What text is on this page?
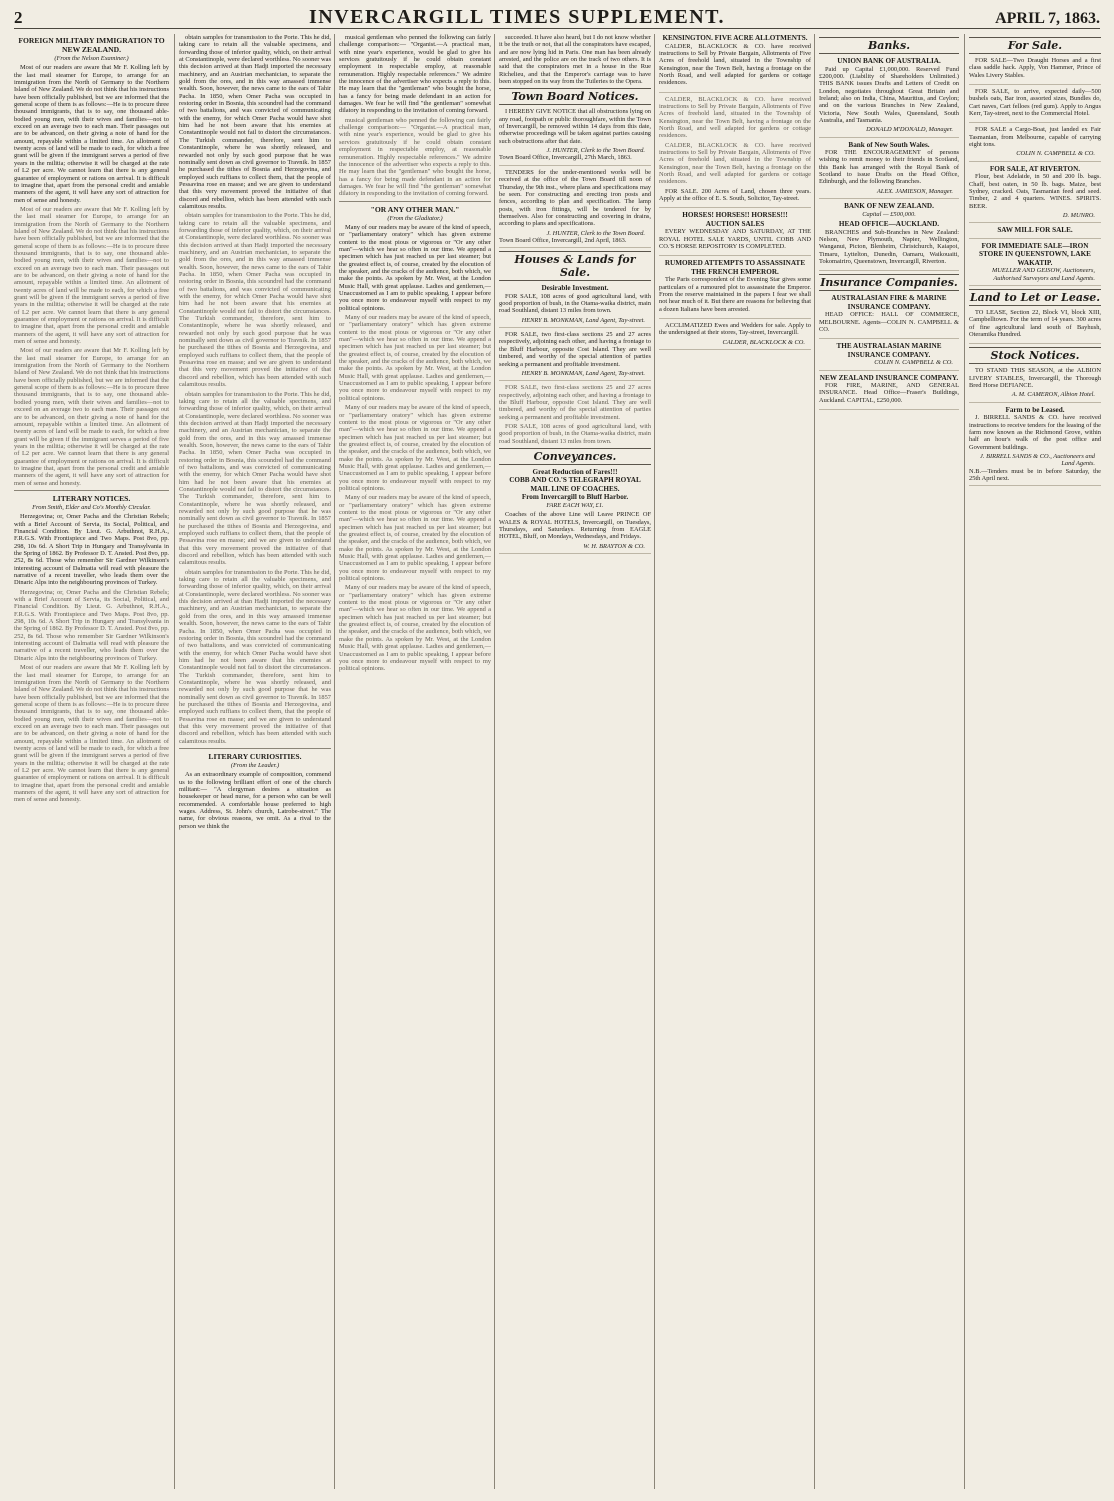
2	INVERCARGILL TIMES SUPPLEMENT.	APRIL 7, 1863.
FOREIGN MILITARY IMMIGRATION TO NEW ZEALAND.
(From the Nelson Examiner.)

Most of our readers are aware that Mr F. Kolling left by the last mail steamer for Europe, to arrange for an immigration from the North of Germany to the Northern Island of New Zealand. We do not think that his instructions have been officially published, but we are informed that the general scope of them is as follows:—He is to procure three thousand immigrants, that is to say, one thousand able-bodied young men, with their wives and families—not to exceed on an average two to each man. Their passages out are to be advanced, on their giving a note of hand for the amount, repayable within a limited time. An allotment of twenty acres of land will be made to each, for which a free grant will be given if the immigrant serves a period of five years in the militia; otherwise it will be charged at the rate of L2 per acre. We cannot learn that there is any general guarantee of employment or rations on arrival. It is difficult to imagine that, apart from the personal credit and amiable manners of the agent, it will have any sort of attraction for men of sense and honesty.

Most of our readers are aware that Mr F. Kolling left by the last mail steamer for Europe, to arrange for an immigration from the North of Germany to the Northern Island of New Zealand. We do not think that his instructions have been officially published, but we are informed that the general scope of them is as follows:—He is to procure three thousand immigrants, that is to say, one thousand able-bodied young men, with their wives and families—not to exceed on an average two to each man. Their passages out are to be advanced, on their giving a note of hand for the amount, repayable within a limited time. An allotment of twenty acres of land will be made to each, for which a free grant will be given if the immigrant serves a period of five years in the militia; otherwise it will be charged at the rate of L2 per acre. We cannot learn that there is any general guarantee of employment or rations on arrival. It is difficult to imagine that, apart from the personal credit and amiable manners of the agent, it will have any sort of attraction for men of sense and honesty.

Most of our readers are aware that Mr F. Kolling left by the last mail steamer for Europe, to arrange for an immigration from the North of Germany to the Northern Island of New Zealand. We do not think that his instructions have been officially published, but we are informed that the general scope of them is as follows:—He is to procure three thousand immigrants, that is to say, one thousand able-bodied young men, with their wives and families—not to exceed on an average two to each man. Their passages out are to be advanced, on their giving a note of hand for the amount, repayable within a limited time. An allotment of twenty acres of land will be made to each, for which a free grant will be given if the immigrant serves a period of five years in the militia; otherwise it will be charged at the rate of L2 per acre. We cannot learn that there is any general guarantee of employment or rations on arrival. It is difficult to imagine that, apart from the personal credit and amiable manners of the agent, it will have any sort of attraction for men of sense and honesty.

LITERARY NOTICES.
From Smith, Elder and Co's Monthly Circular.

Herzegovina; or, Omer Pacha and the Christian Rebels; with a Brief Account of Servia, its Social, Political, and Financial Condition. By Lieut. G. Arbuthnot, R.H.A., F.R.G.S. With Frontispiece and Two Maps. Post 8vo, pp. 298, 10s 6d. A Short Trip in Hungary and Transylvania in the Spring of 1862. By Professor D. T. Ansted. Post 8vo, pp. 252, 8s 6d. Those who remember Sir Gardner Wilkinson's interesting account of Dalmatia will read with pleasure the narrative of a recent traveller, who leads them over the Dinaric Alps into the neighbouring provinces of Turkey.

Herzegovina; or, Omer Pacha and the Christian Rebels; with a Brief Account of Servia, its Social, Political, and Financial Condition. By Lieut. G. Arbuthnot, R.H.A., F.R.G.S. With Frontispiece and Two Maps. Post 8vo, pp. 298, 10s 6d. A Short Trip in Hungary and Transylvania in the Spring of 1862. By Professor D. T. Ansted. Post 8vo, pp. 252, 8s 6d. Those who remember Sir Gardner Wilkinson's interesting account of Dalmatia will read with pleasure the narrative of a recent traveller, who leads them over the Dinaric Alps into the neighbouring provinces of Turkey.

Most of our readers are aware that Mr F. Kolling left by the last mail steamer for Europe, to arrange for an immigration from the North of Germany to the Northern Island of New Zealand. We do not think that his instructions have been officially published, but we are informed that the general scope of them is as follows:—He is to procure three thousand immigrants, that is to say, one thousand able-bodied young men, with their wives and families—not to exceed on an average two to each man. Their passages out are to be advanced, on their giving a note of hand for the amount, repayable within a limited time. An allotment of twenty acres of land will be made to each, for which a free grant will be given if the immigrant serves a period of five years in the militia; otherwise it will be charged at the rate of L2 per acre. We cannot learn that there is any general guarantee of employment or rations on arrival. It is difficult to imagine that, apart from the personal credit and amiable manners of the agent, it will have any sort of attraction for men of sense and honesty.

obtain samples for transmission to the Porte. This he did, taking care to retain all the valuable specimens, and forwarding those of inferior quality, which, on their arrival at Constantinople, were declared worthless. No sooner was this decision arrived at than Hadji imported the necessary machinery, and an Austrian mechanician, to separate the gold from the ores, and in this way amassed immense wealth. Soon, however, the news came to the ears of Tahir Pacha. In 1850, when Omer Pacha was occupied in restoring order in Bosnia, this scoundrel had the command of two battalions, and was convicted of communicating with the enemy, for which Omer Pacha would have shot him had he not been aware that his enemies at Constantinople would not fail to distort the circumstances. The Turkish commander, therefore, sent him to Constantinople, where he was shortly released, and rewarded not only by such good purpose that he was nominally sent down as civil governor to Travnik. In 1857 he purchased the tithes of Bosnia and Herzegovina, and employed such ruffians to collect them, that the people of Pessavina rose en masse; and we are given to understand that this very movement proved the initiative of that discord and rebellion, which has been attended with such calamitous results.

obtain samples for transmission to the Porte. This he did, taking care to retain all the valuable specimens, and forwarding those of inferior quality, which, on their arrival at Constantinople, were declared worthless. No sooner was this decision arrived at than Hadji imported the necessary machinery, and an Austrian mechanician, to separate the gold from the ores, and in this way amassed immense wealth. Soon, however, the news came to the ears of Tahir Pacha. In 1850, when Omer Pacha was occupied in restoring order in Bosnia, this scoundrel had the command of two battalions, and was convicted of communicating with the enemy, for which Omer Pacha would have shot him had he not been aware that his enemies at Constantinople would not fail to distort the circumstances. The Turkish commander, therefore, sent him to Constantinople, where he was shortly released, and rewarded not only by such good purpose that he was nominally sent down as civil governor to Travnik. In 1857 he purchased the tithes of Bosnia and Herzegovina, and employed such ruffians to collect them, that the people of Pessavina rose en masse; and we are given to understand that this very movement proved the initiative of that discord and rebellion, which has been attended with such calamitous results.

obtain samples for transmission to the Porte. This he did, taking care to retain all the valuable specimens, and forwarding those of inferior quality, which, on their arrival at Constantinople, were declared worthless. No sooner was this decision arrived at than Hadji imported the necessary machinery, and an Austrian mechanician, to separate the gold from the ores, and in this way amassed immense wealth. Soon, however, the news came to the ears of Tahir Pacha. In 1850, when Omer Pacha was occupied in restoring order in Bosnia, this scoundrel had the command of two battalions, and was convicted of communicating with the enemy, for which Omer Pacha would have shot him had he not been aware that his enemies at Constantinople would not fail to distort the circumstances. The Turkish commander, therefore, sent him to Constantinople, where he was shortly released, and rewarded not only by such good purpose that he was nominally sent down as civil governor to Travnik. In 1857 he purchased the tithes of Bosnia and Herzegovina, and employed such ruffians to collect them, that the people of Pessavina rose en masse; and we are given to understand that this very movement proved the initiative of that discord and rebellion, which has been attended with such calamitous results.

obtain samples for transmission to the Porte. This he did, taking care to retain all the valuable specimens, and forwarding those of inferior quality, which, on their arrival at Constantinople, were declared worthless. No sooner was this decision arrived at than Hadji imported the necessary machinery, and an Austrian mechanician, to separate the gold from the ores, and in this way amassed immense wealth. Soon, however, the news came to the ears of Tahir Pacha. In 1850, when Omer Pacha was occupied in restoring order in Bosnia, this scoundrel had the command of two battalions, and was convicted of communicating with the enemy, for which Omer Pacha would have shot him had he not been aware that his enemies at Constantinople would not fail to distort the circumstances. The Turkish commander, therefore, sent him to Constantinople, where he was shortly released, and rewarded not only by such good purpose that he was nominally sent down as civil governor to Travnik. In 1857 he purchased the tithes of Bosnia and Herzegovina, and employed such ruffians to collect them, that the people of Pessavina rose en masse; and we are given to understand that this very movement proved the initiative of that discord and rebellion, which has been attended with such calamitous results.

LITERARY CURIOSITIES.
(From the Leader.)

As an extraordinary example of composition, commend us to the following brilliant effort of one of the church militant:— "A clergyman desires a situation as housekeeper or head nurse, for a person who can be well recommended. A comfortable house preferred to high wages. Address, St. John's church, Latrobe-street." The name, for obvious reasons, we omit. As a rival to the person we think the

musical gentleman who penned the following can fairly challenge comparison:— "Organist.—A practical man, with nine year's experience, would be glad to give his services gratuitously if he could obtain constant employment in respectable employ, at reasonable remuneration. Highly respectable references." We admire the innocence of the advertiser who expects a reply to this. He may learn that the "gentleman" who bought the horse, has a fancy for being made defendant in an action for damages. We fear he will find "the gentleman" somewhat dilatory in responding to the invitation of coming forward.

musical gentleman who penned the following can fairly challenge comparison:— "Organist.—A practical man, with nine year's experience, would be glad to give his services gratuitously if he could obtain constant employment in respectable employ, at reasonable remuneration. Highly respectable references." We admire the innocence of the advertiser who expects a reply to this. He may learn that the "gentleman" who bought the horse, has a fancy for being made defendant in an action for damages. We fear he will find "the gentleman" somewhat dilatory in responding to the invitation of coming forward.

"OR ANY OTHER MAN."
(From the Gladiator.)

Many of our readers may be aware of the kind of speech, or "parliamentary oratory" which has given extreme content to the most pious or vigorous or "Or any other man"—which we hear so often in our time. We append a specimen which has just reached us per last steamer; but the greatest effect is, of course, created by the elocution of the speaker, and the cracks of the audience, both which, we make the points. As spoken by Mr. West, at the London Music Hall, with great applause. Ladies and gentlemen,— Unaccustomed as I am to public speaking, I appear before you once more to endeavour myself with respect to my political opinions.

Many of our readers may be aware of the kind of speech, or "parliamentary oratory" which has given extreme content to the most pious or vigorous or "Or any other man"—which we hear so often in our time. We append a specimen which has just reached us per last steamer; but the greatest effect is, of course, created by the elocution of the speaker, and the cracks of the audience, both which, we make the points. As spoken by Mr. West, at the London Music Hall, with great applause. Ladies and gentlemen,— Unaccustomed as I am to public speaking, I appear before you once more to endeavour myself with respect to my political opinions.

Many of our readers may be aware of the kind of speech, or "parliamentary oratory" which has given extreme content to the most pious or vigorous or "Or any other man"—which we hear so often in our time. We append a specimen which has just reached us per last steamer; but the greatest effect is, of course, created by the elocution of the speaker, and the cracks of the audience, both which, we make the points. As spoken by Mr. West, at the London Music Hall, with great applause. Ladies and gentlemen,— Unaccustomed as I am to public speaking, I appear before you once more to endeavour myself with respect to my political opinions.

Many of our readers may be aware of the kind of speech, or "parliamentary oratory" which has given extreme content to the most pious or vigorous or "Or any other man"—which we hear so often in our time. We append a specimen which has just reached us per last steamer; but the greatest effect is, of course, created by the elocution of the speaker, and the cracks of the audience, both which, we make the points. As spoken by Mr. West, at the London Music Hall, with great applause. Ladies and gentlemen,— Unaccustomed as I am to public speaking, I appear before you once more to endeavour myself with respect to my political opinions.

Many of our readers may be aware of the kind of speech, or "parliamentary oratory" which has given extreme content to the most pious or vigorous or "Or any other man"—which we hear so often in our time. We append a specimen which has just reached us per last steamer; but the greatest effect is, of course, created by the elocution of the speaker, and the cracks of the audience, both which, we make the points. As spoken by Mr. West, at the London Music Hall, with great applause. Ladies and gentlemen,— Unaccustomed as I am to public speaking, I appear before you once more to endeavour myself with respect to my political opinions.

succeeded. It have also heard, but I do not know whether it be the truth or not, that all the conspirators have escaped, and are now lying hid in Paris. One man has been already arrested, and the police are on the track of two others. It is said that the conspirators met in a house in the Rue Richelieu, and that the Emperor's carriage was to have been stopped on its way from the Tuileries to the Opera.

Town Board Notices.

I HEREBY GIVE NOTICE that all obstructions lying on any road, footpath or public thoroughfare, within the Town of Invercargill, be removed within 14 days from this date, otherwise proceedings will be taken against parties causing such obstructions after that date.

J. HUNTER, Clerk to the Town Board.
Town Board Office, Invercargill, 27th March, 1863.

TENDERS for the under-mentioned works will be received at the office of the Town Board till noon of Thursday, the 9th inst., where plans and specifications may be seen. For constructing and erecting iron posts and fences, according to plan and specification. The lamp posts, with iron fittings, will be tendered for by themselves. Also for constructing and covering in drains, according to plans and specifications.

J. HUNTER, Clerk to the Town Board.
Town Board Office, Invercargill, 2nd April, 1863.
Houses & Lands for Sale.
Desirable Investment.

FOR SALE, 108 acres of good agricultural land, with good proportion of bush, in the Otama-waika district, main road Southland, distant 13 miles from town.

HENRY B. MONKMAN, Land Agent, Tay-street.

FOR SALE, two first-class sections 25 and 27 acres respectively, adjoining each other, and having a frontage to the Bluff Harbour, opposite Cost Island. They are well timbered, and worthy of the special attention of parties seeking a permanent and profitable investment.

HENRY B. MONKMAN, Land Agent, Tay-street.

FOR SALE, two first-class sections 25 and 27 acres respectively, adjoining each other, and having a frontage to the Bluff Harbour, opposite Cost Island. They are well timbered, and worthy of the special attention of parties seeking a permanent and profitable investment.

FOR SALE, 108 acres of good agricultural land, with good proportion of bush, in the Otama-waika district, main road Southland, distant 13 miles from town.

Conveyances.
Great Reduction of Fares!!!
COBB AND CO.'S TELEGRAPH ROYAL MAIL LINE OF COACHES.
From Invercargill to Bluff Harbor.
FARE EACH WAY, £1.

Coaches of the above Line will Leave PRINCE OF WALES & ROYAL HOTELS, Invercargill, on Tuesdays, Thursdays, and Saturdays. Returning from EAGLE HOTEL, Bluff, on Mondays, Wednesdays, and Fridays.

W. H. BRAYTON & CO.
KENSINGTON. FIVE ACRE ALLOTMENTS.

CALDER, BLACKLOCK & CO. have received instructions to Sell by Private Bargain, Allotments of Five Acres of freehold land, situated in the Township of Kensington, near the Town Belt, having a frontage on the North Road, and well adapted for gardens or cottage residences.

CALDER, BLACKLOCK & CO. have received instructions to Sell by Private Bargain, Allotments of Five Acres of freehold land, situated in the Township of Kensington, near the Town Belt, having a frontage on the North Road, and well adapted for gardens or cottage residences.

CALDER, BLACKLOCK & CO. have received instructions to Sell by Private Bargain, Allotments of Five Acres of freehold land, situated in the Township of Kensington, near the Town Belt, having a frontage on the North Road, and well adapted for gardens or cottage residences.

FOR SALE. 200 Acres of Land, chosen three years. Apply at the office of E. S. South, Solicitor, Tay-street.

HORSES! HORSES!! HORSES!!!
AUCTION SALES

EVERY WEDNESDAY AND SATURDAY, AT THE ROYAL HOTEL SALE YARDS, UNTIL COBB AND CO.'S HORSE REPOSITORY IS COMPLETED.

RUMORED ATTEMPTS TO ASSASSINATE THE FRENCH EMPEROR.

The Paris correspondent of the Evening Star gives some particulars of a rumoured plot to assassinate the Emperor. From the reserve maintained in the papers I fear we shall not hear much of it. But there are reasons for believing that a dozen Italians have been arrested.

ACCLIMATIZED Ewes and Wedders for sale. Apply to the undersigned at their stores, Tay-street, Invercargill.

CALDER, BLACKLOCK & CO.
Banks.
UNION BANK OF AUSTRALIA.

Paid up Capital £1,000,000. Reserved Fund £200,000. (Liability of Shareholders Unlimited.) THIS BANK issues Drafts and Letters of Credit on London, negotiates throughout Great Britain and Ireland; also on India, China, Mauritius, and Ceylon; and on the various Branches in New Zealand, Victoria, New South Wales, Queensland, South Australia, and Tasmania.

DONALD M'DONALD, Manager.
Bank of New South Wales.

FOR THE ENCOURAGEMENT of persons wishing to remit money to their friends in Scotland, this Bank has arranged with the Royal Bank of Scotland to issue Drafts on the Head Office, Edinburgh, and the following Branches.

ALEX. JAMIESON, Manager.
BANK OF NEW ZEALAND.
Capital — £500,000.
HEAD OFFICE—AUCKLAND.

BRANCHES and Sub-Branches in New Zealand: Nelson, New Plymouth, Napier, Wellington, Wanganui, Picton, Blenheim, Christchurch, Kaiapoi, Timaru, Lyttelton, Dunedin, Oamaru, Waikouaiti, Tokomairiro, Queenstown, Invercargill, Riverton.

Insurance Companies.
AUSTRALASIAN FIRE & MARINE INSURANCE COMPANY.

HEAD OFFICE: HALL OF COMMERCE, MELBOURNE. Agents—COLIN N. CAMPBELL & CO.

THE AUSTRALASIAN MARINE INSURANCE COMPANY.
COLIN N. CAMPBELL & CO.
NEW ZEALAND INSURANCE COMPANY.

FOR FIRE, MARINE, AND GENERAL INSURANCE. Head Office—Fraser's Buildings, Auckland. CAPITAL, £250,000.

For Sale.

FOR SALE—Two Draught Horses and a first class saddle hack. Apply, Von Hammer, Prince of Wales Livery Stables.

FOR SALE, to arrive, expected daily—500 bushels oats, Bar iron, assorted sizes, Bundles do, Cart naves, Cart felloes (red gum). Apply to Angus Kerr, Tay-street, next to the Commercial Hotel.

FOR SALE a Cargo-Boat, just landed ex Fair Tasmanian, from Melbourne, capable of carrying eight tons.

COLIN N. CAMPBELL & CO.
FOR SALE, AT RIVERTON.

Flour, best Adelaide, in 50 and 200 lb. bags. Chaff, best oaten, in 50 lb. bags. Maize, best Sydney, cracked. Oats, Tasmanian feed and seed. Timber, 2 and 4 quarters. WINES. SPIRITS. BEER.

D. MUNRO.
SAW MILL FOR SALE.
FOR IMMEDIATE SALE—IRON STORE IN QUEENSTOWN, LAKE WAKATIP.
MUELLER AND GEISOW, Auctioneers, Authorised Surveyors and Land Agents.
Land to Let or Lease.

TO LEASE, Section 22, Block VI, block XIII, Campbelltown. For the term of 14 years. 300 acres of fine agricultural land south of Bayhush, Oteramika Hundred.

Stock Notices.

TO STAND THIS SEASON, at the ALBION LIVERY STABLES, Invercargill, the Thorough Bred Horse DEFIANCE.

A. M. CAMERON, Albion Hotel.
Farm to be Leased.

J. BIRRELL SANDS & CO. have received instructions to receive tenders for the leasing of the farm now known as the Richmond Grove, within half an hour's walk of the post office and Government buildings.

J. BIRRELL SANDS & CO., Auctioneers and Land Agents.
N.B.—Tenders must be in before Saturday, the 25th April next.
